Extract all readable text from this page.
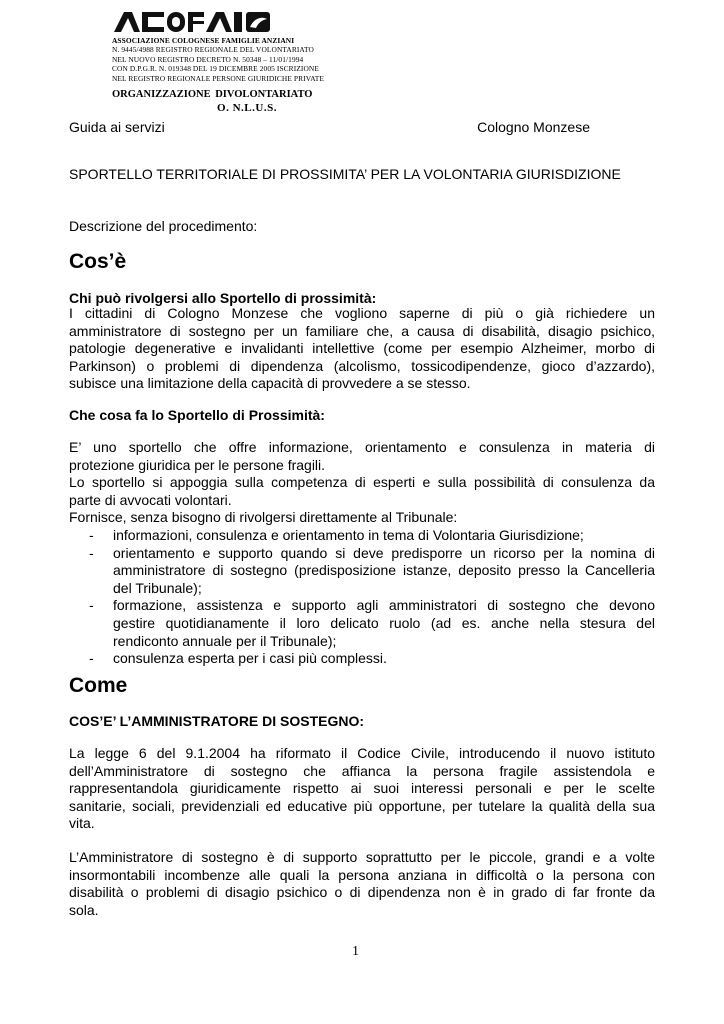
ASSOCIAZIONE COLOGNESE FAMIGLIE ANZIANI
N. 9445/4988 REGISTRO REGIONALE DEL VOLONTARIATO
NEL NUOVO REGISTRO DECRETO N. 50348 – 11/01/1994
CON D.P.G.R. N. 019348 DEL 19 DICEMBRE 2005 ISCRIZIONE
NEL REGISTRO REGIONALE PERSONE GIURIDICHE PRIVATE
ORGANIZZAZIONE DIVOLONTARIATO
O. N.L.U.S.
Guida ai servizi	Cologno Monzese
SPORTELLO TERRITORIALE DI PROSSIMITA’ PER LA VOLONTARIA GIURISDIZIONE
Descrizione del procedimento:
Cos’è
Chi può rivolgersi allo Sportello di prossimità:
I cittadini di Cologno Monzese che vogliono saperne di più o già richiedere un
amministratore di sostegno per un familiare che, a causa di disabilità, disagio psichico,
patologie degenerative e invalidanti intellettive (come per esempio Alzheimer, morbo di
Parkinson) o problemi di dipendenza (alcolismo, tossicodipendenze, gioco d’azzardo),
subisce una limitazione della capacità di provvedere a se stesso.
Che cosa fa lo Sportello di Prossimità:
E’ uno sportello che offre informazione, orientamento e consulenza in materia di
protezione giuridica per le persone fragili.
Lo sportello si appoggia sulla competenza di esperti e sulla possibilità di consulenza da
parte di avvocati volontari.
Fornisce, senza bisogno di rivolgersi direttamente al Tribunale:
- informazioni, consulenza e orientamento in tema di Volontaria Giurisdizione;
- orientamento e supporto quando si deve predisporre un ricorso per la nomina di
amministratore di sostegno (predisposizione istanze, deposito presso la Cancelleria
del Tribunale);
- formazione, assistenza e supporto agli amministratori di sostegno che devono
gestire quotidianamente il loro delicato ruolo (ad es. anche nella stesura del
rendiconto annuale per il Tribunale);
- consulenza esperta per i casi più complessi.
Come
COS’E’ L’AMMINISTRATORE DI SOSTEGNO:
La legge 6 del 9.1.2004 ha riformato il Codice Civile, introducendo il nuovo istituto
dell’Amministratore di sostegno che affianca la persona fragile assistendola e
rappresentandola giuridicamente rispetto ai suoi interessi personali e per le scelte
sanitarie, sociali, previdenziali ed educative più opportune, per tutelare la qualità della sua
vita.
L’Amministratore di sostegno è di supporto soprattutto per le piccole, grandi e a volte
insormontabili incombenze alle quali la persona anziana in difficoltà o la persona con
disabilità o problemi di disagio psichico o di dipendenza non è in grado di far fronte da
sola.
1
